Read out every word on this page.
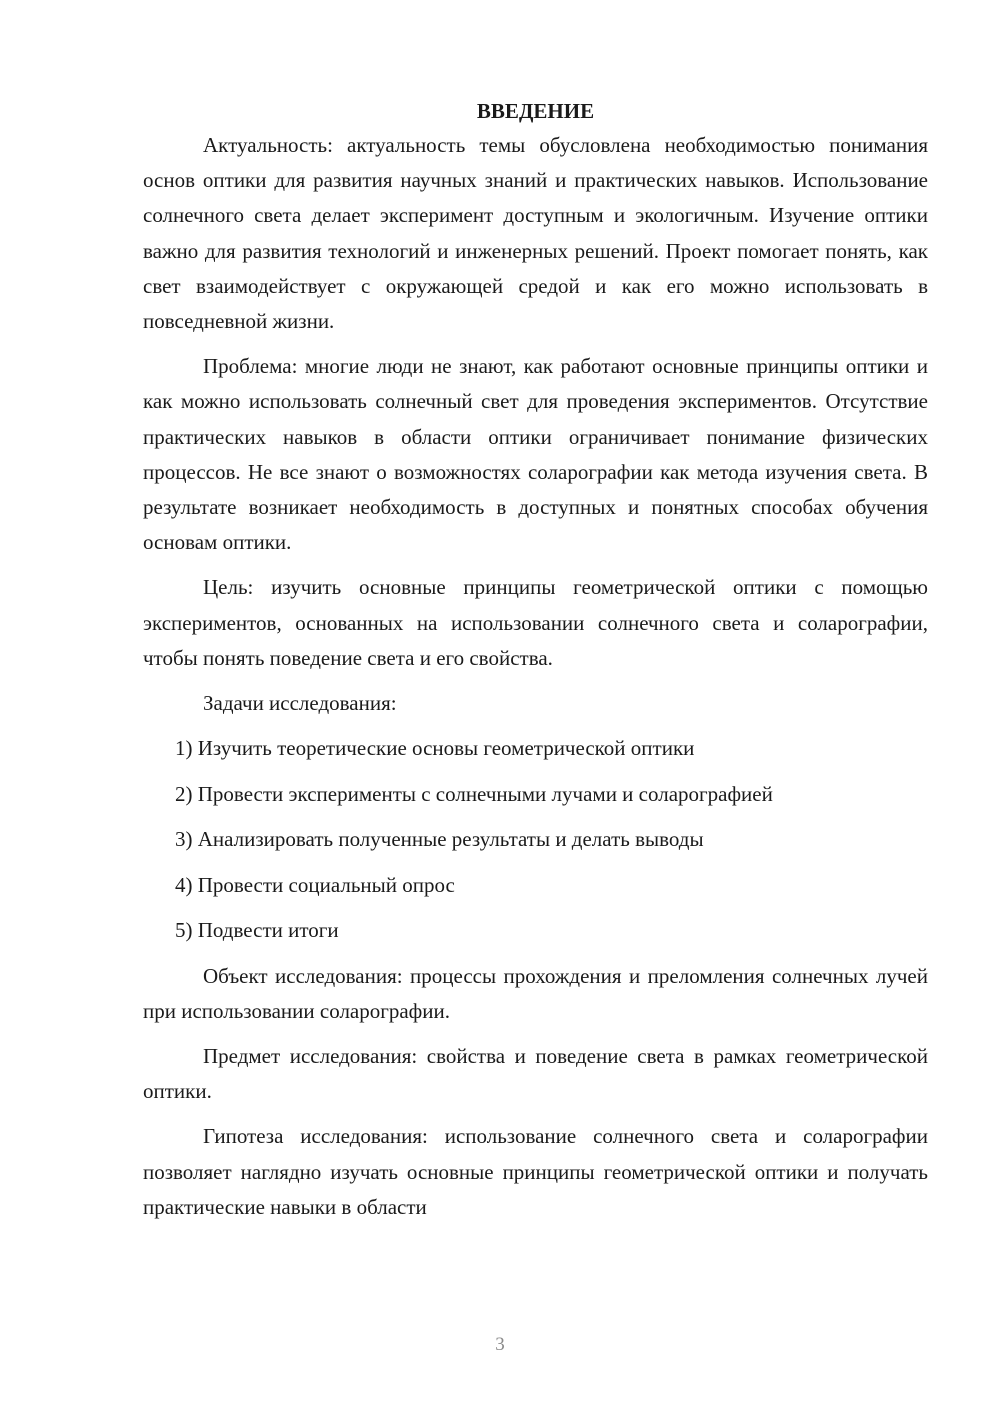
ВВЕДЕНИЕ

Актуальность: актуальность темы обусловлена необходимостью понимания основ оптики для развития научных знаний и практических навыков. Использование солнечного света делает эксперимент доступным и экологичным. Изучение оптики важно для развития технологий и инженерных решений. Проект помогает понять, как свет взаимодействует с окружающей средой и как его можно использовать в повседневной жизни.

Проблема: многие люди не знают, как работают основные принципы оптики и как можно использовать солнечный свет для проведения экспериментов. Отсутствие практических навыков в области оптики ограничивает понимание физических процессов. Не все знают о возможностях соларографии как метода изучения света. В результате возникает необходимость в доступных и понятных способах обучения основам оптики.

Цель: изучить основные принципы геометрической оптики с помощью экспериментов, основанных на использовании солнечного света и соларографии, чтобы понять поведение света и его свойства.

Задачи исследования:
1) Изучить теоретические основы геометрической оптики
2) Провести эксперименты с солнечными лучами и соларографией
3) Анализировать полученные результаты и делать выводы
4) Провести социальный опрос
5) Подвести итоги

Объект исследования: процессы прохождения и преломления солнечных лучей при использовании соларографии.

Предмет исследования: свойства и поведение света в рамках геометрической оптики.

Гипотеза исследования: использование солнечного света и соларографии позволяет наглядно изучать основные принципы геометрической оптики и получать практические навыки в области

3
